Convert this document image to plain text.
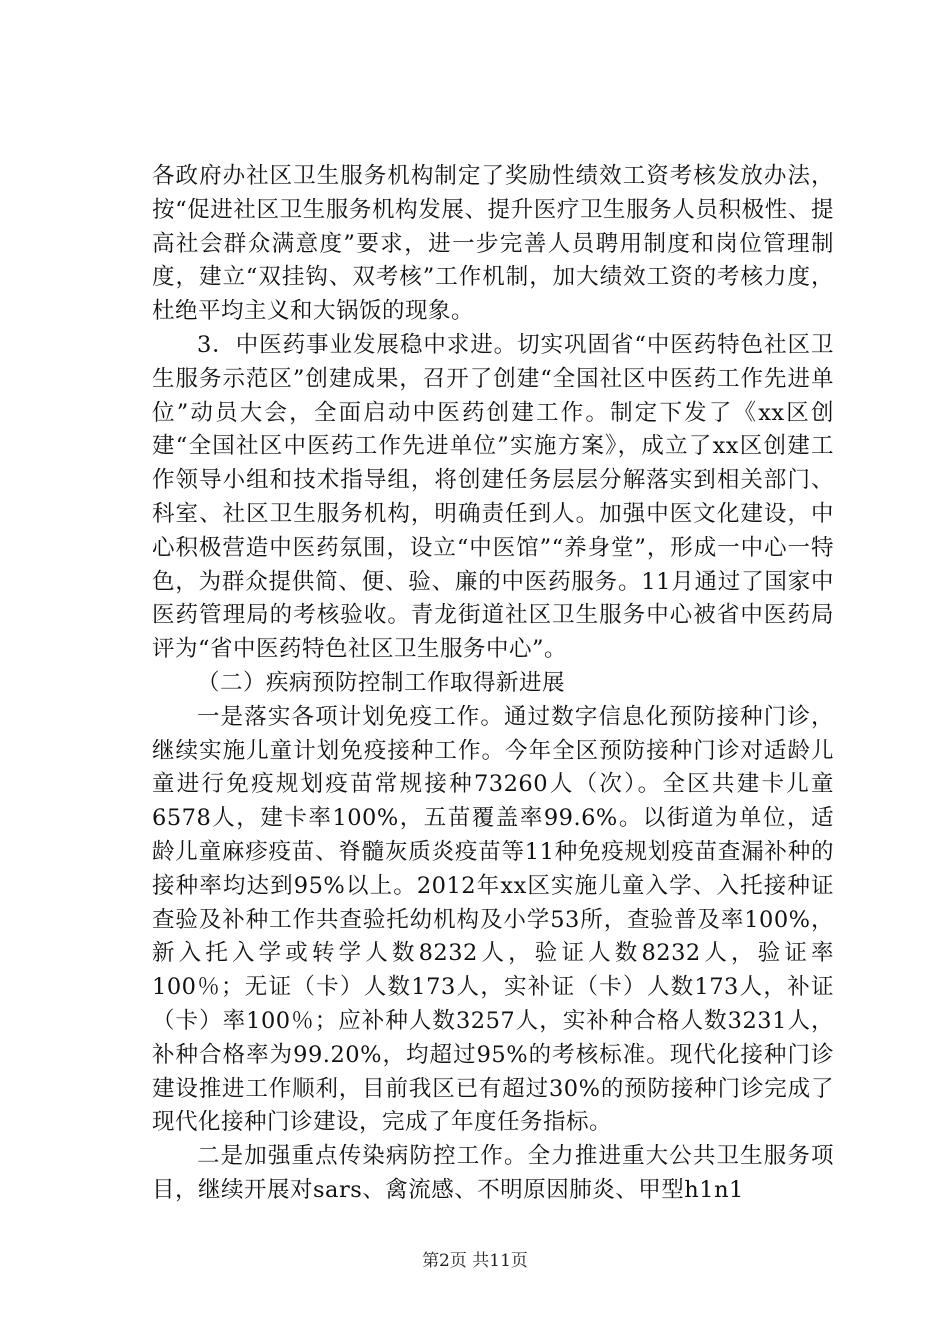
各政府办社区卫生服务机构制定了奖励性绩效工资考核发放办法，按“促进社区卫生服务机构发展、提升医疗卫生服务人员积极性、提高社会群众满意度”要求，进一步完善人员聘用制度和岗位管理制度，建立“双挂钩、双考核”工作机制，加大绩效工资的考核力度，杜绝平均主义和大锅饭的现象。

3．中医药事业发展稳中求进。切实巩固省“中医药特色社区卫生服务示范区”创建成果，召开了创建“全国社区中医药工作先进单位”动员大会，全面启动中医药创建工作。制定下发了《xx区创建“全国社区中医药工作先进单位”实施方案》，成立了xx区创建工作领导小组和技术指导组，将创建任务层层分解落实到相关部门、科室、社区卫生服务机构，明确责任到人。加强中医文化建设，中心积极营造中医药氛围，设立“中医馆”“养身堂”，形成一中心一特色，为群众提供简、便、验、廉的中医药服务。11月通过了国家中医药管理局的考核验收。青龙街道社区卫生服务中心被省中医药局评为“省中医药特色社区卫生服务中心”。

（二）疾病预防控制工作取得新进展

一是落实各项计划免疫工作。通过数字信息化预防接种门诊，继续实施儿童计划免疫接种工作。今年全区预防接种门诊对适龄儿童进行免疫规划疫苗常规接种73260人（次）。全区共建卡儿童6578人，建卡率100%，五苗覆盖率99.6%。以街道为单位，适龄儿童麻疹疫苗、脊髓灰质炎疫苗等11种免疫规划疫苗查漏补种的接种率均达到95%以上。2012年xx区实施儿童入学、入托接种证查验及补种工作共查验托幼机构及小学53所，查验普及率100%，新入托入学或转学人数8232人，验证人数8232人，验证率100％；无证（卡）人数173人，实补证（卡）人数173人，补证（卡）率100％；应补种人数3257人，实补种合格人数3231人，补种合格率为99.20%，均超过95%的考核标准。现代化接种门诊建设推进工作顺利，目前我区已有超过30%的预防接种门诊完成了现代化接种门诊建设，完成了年度任务指标。

二是加强重点传染病防控工作。全力推进重大公共卫生服务项目，继续开展对sars、禽流感、不明原因肺炎、甲型h1n1

第2页 共11页
